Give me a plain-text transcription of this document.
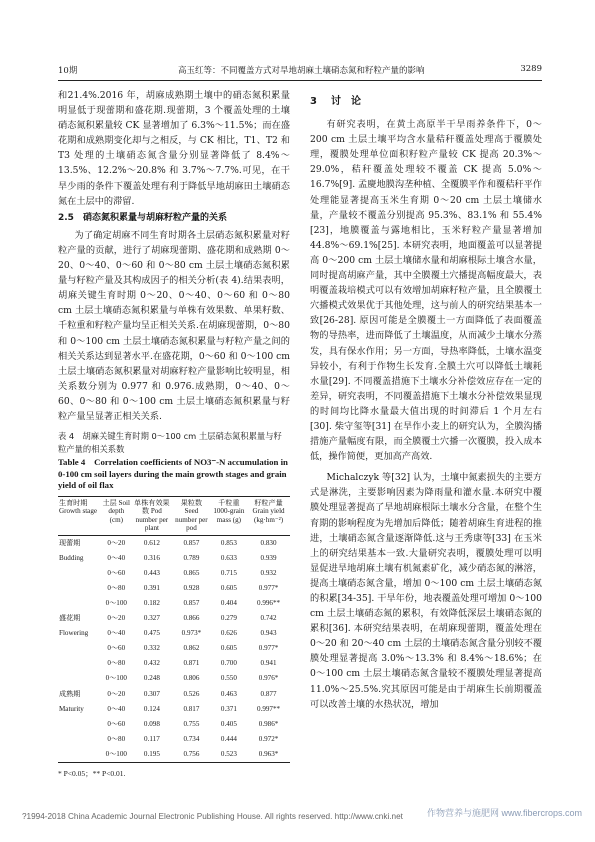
10期	高玉红等：不同覆盖方式对旱地胡麻土壤硝态氮和籽粒产量的影响	3289

和21.4%.2016 年，胡麻成熟期土壤中的硝态氮积累量明显低于现蕾期和盛花期.现蕾期，3 个覆盖处理的土壤硝态氮积累量较 CK 显著增加了 6.3%～11.5%；而在盛花期和成熟期变化却与之相反，与 CK 相比，T1、T2 和 T3 处理的土壤硝态氮含量分别显著降低了 8.4%～13.5%、12.2%～20.8% 和 3.7%～7.7%.可见，在干旱少雨的条件下覆盖处理有利于降低旱地胡麻田土壤硝态氮在土层中的滞留.

2.5　硝态氮积累量与胡麻籽粒产量的关系

为了确定胡麻不同生育时期各土层硝态氮积累量对籽粒产量的贡献，进行了胡麻现蕾期、盛花期和成熟期 0～20、0～40、0～60 和 0～80 cm 土层土壤硝态氮积累量与籽粒产量及其构成因子的相关分析(表 4).结果表明，胡麻关键生育时期 0～20、0～40、0～60 和 0～80 cm 土层土壤硝态氮积累量与单株有效果数、单果籽数、千粒重和籽粒产量均呈正相关关系.在胡麻现蕾期，0～80 和 0～100 cm 土层土壤硝态氮积累量与籽粒产量之间的相关关系达到显著水平.在盛花期，0～60 和 0～100 cm 土层土壤硝态氮积累量对胡麻籽粒产量影响比较明显，相关系数分别为 0.977 和 0.976.成熟期，0～40、0～60、0～80 和 0～100 cm 土层土壤硝态氮积累量与籽粒产量呈显著正相关关系.

表 4　胡麻关键生育时期 0～100 cm 土层硝态氮积累量与籽粒产量的相关系数
Table 4　Correlation coefficients of NO3⁻-N accumulation in 0-100 cm soil layers during the main growth stages and grain yield of oil flax
生育时期 Growth stage	土层 Soil depth (cm)	单株有效果数 Pod number per plant	果粒数 Seed number per pod	千粒重 1000-grain mass (g)	籽粒产量 Grain yield (kg·hm⁻²)
现蕾期	0～20	0.612	0.857	0.853	0.830
Budding	0～40	0.316	0.789	0.633	0.939
	0～60	0.443	0.865	0.715	0.932
	0～80	0.391	0.928	0.605	0.977*
	0～100	0.182	0.857	0.404	0.996**
盛花期	0～20	0.327	0.866	0.279	0.742
Flowering	0～40	0.475	0.973*	0.626	0.943
	0～60	0.332	0.862	0.605	0.977*
	0～80	0.432	0.871	0.700	0.941
	0～100	0.248	0.806	0.550	0.976*
成熟期	0～20	0.307	0.526	0.463	0.877
Maturity	0～40	0.124	0.817	0.371	0.997**
	0～60	0.098	0.755	0.405	0.986*
	0～80	0.117	0.734	0.444	0.972*
	0～100	0.195	0.756	0.523	0.963*
* P<0.05；** P<0.01.
3 讨　论

有研究表明，在黄土高原半干旱雨养条件下，0～200 cm 土层土壤平均含水量秸秆覆盖处理高于覆膜处理，覆膜处理单位面积籽粒产量较 CK 提高 20.3%～29.0%，秸秆覆盖处理较不覆盖 CK 提高 5.0%～16.7%[9]. 孟慶地膜沟垄种植、全覆膜平作和覆秸秆平作处理能显著提高玉米生育期 0～20 cm 土层土壤储水量，产量较不覆盖分别提高 95.3%、83.1% 和 55.4%[23]，地膜覆盖与露地相比，玉米籽粒产量显著增加 44.8%～69.1%[25]. 本研究表明，地面覆盖可以显著提高 0～200 cm 土层土壤储水量和胡麻根际土壤含水量，同时提高胡麻产量，其中全膜覆土穴播提高幅度最大，表明覆盖栽培模式可以有效增加胡麻籽粒产量，且全膜覆土穴播模式效果优于其他处理，这与前人的研究结果基本一致[26-28]. 原因可能是全膜覆土一方面降低了表面覆盖物的导热率，进而降低了土壤温度，从而减少土壤水分蒸发，具有保水作用；另一方面，导热率降低，土壤水温变异较小，有利于作物生长发育.全膜土穴可以降低土壤耗水量[29]. 不同覆盖措施下土壤水分补偿效应存在一定的差异，研究表明，不同覆盖措施下土壤水分补偿效果显现的时间均比降水量最大值出现的时间滞后 1 个月左右[30]. 柴守玺等[31] 在旱作小麦上的研究认为，全膜沟播措施产量幅度有限，而全膜覆土穴播一次覆膜，投入成本低，操作简便，更加高产高效.

Michalczyk 等[32] 认为，土壤中氮素损失的主要方式是淋洗，主要影响因素为降雨量和灌水量.本研究中覆膜处理显著提高了旱地胡麻根际土壤水分含量，在整个生育期的影响程度为先增加后降低；随着胡麻生育进程的推进，土壤硝态氮含量逐渐降低.这与王秀康等[33] 在玉米上的研究结果基本一致.大量研究表明，覆膜处理可以明显促进旱地胡麻土壤有机氮素矿化，减少硝态氮的淋溶，提高土壤硝态氮含量，增加 0～100 cm 土层土壤硝态氮的积累[34-35]. 干旱年份，地表覆盖处理可增加 0～100 cm 土层土壤硝态氮的累积，有效降低深层土壤硝态氮的累积[36]. 本研究结果表明，在胡麻现蕾期，覆盖处理在 0～20 和 20～40 cm 土层的土壤硝态氮含量分别较不覆膜处理显著提高 3.0%～13.3% 和 8.4%～18.6%；在 0～100 cm 土层土壤硝态氮含量较不覆膜处理显著提高 11.0%～25.5%.究其原因可能是由于胡麻生长前期覆盖可以改善土壤的水热状况，增加

?1994-2018 China Academic Journal Electronic Publishing House. All rights reserved. http://www.cnki.net	作物营养与施肥网 www.fibercrops.com
